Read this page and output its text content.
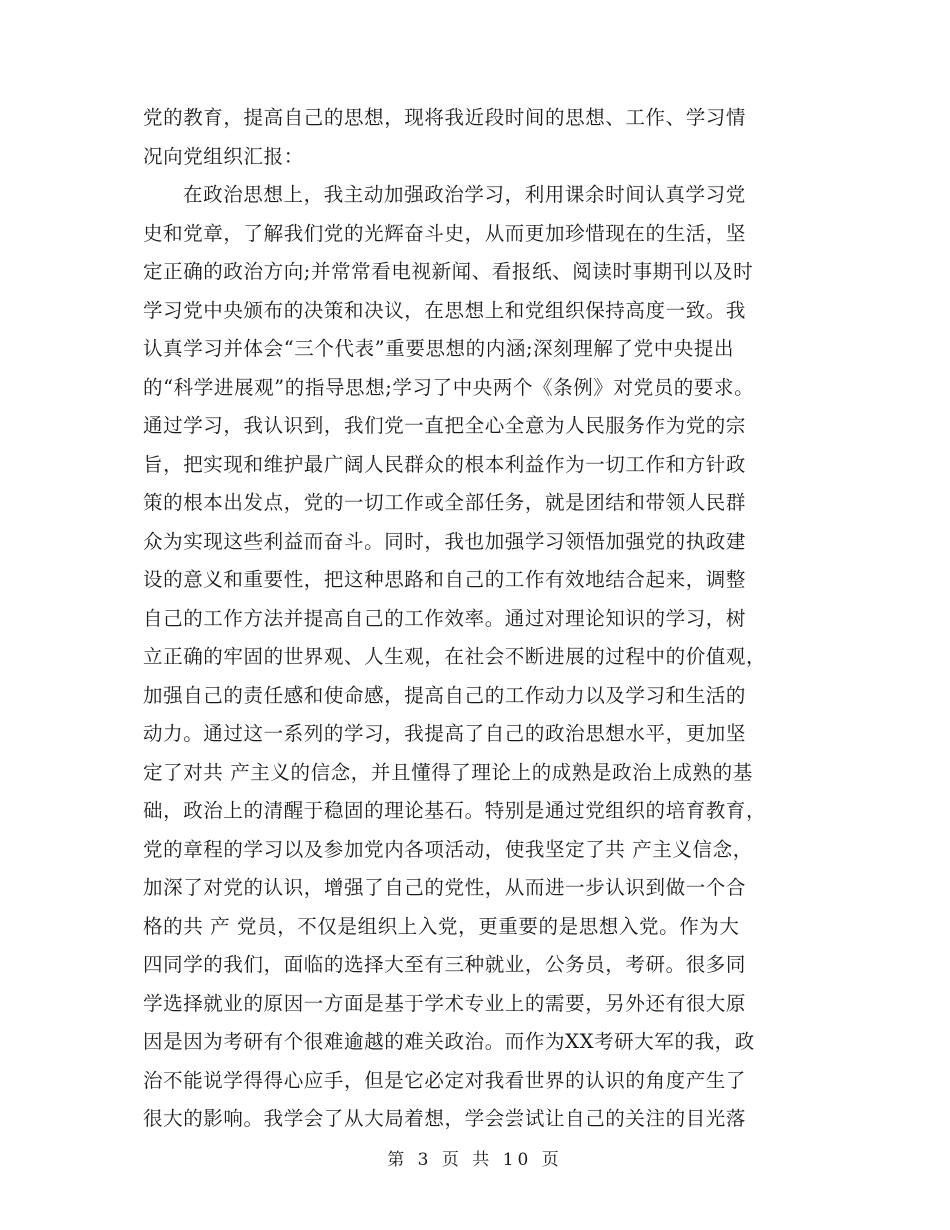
党的教育，提高自己的思想，现将我近段时间的思想、工作、学习情
况向党组织汇报：
在政治思想上，我主动加强政治学习，利用课余时间认真学习党
史和党章，了解我们党的光辉奋斗史，从而更加珍惜现在的生活，坚
定正确的政治方向;并常常看电视新闻、看报纸、阅读时事期刊以及时
学习党中央颁布的决策和决议，在思想上和党组织保持高度一致。我
认真学习并体会“三个代表”重要思想的内涵;深刻理解了党中央提出
的“科学进展观”的指导思想;学习了中央两个《条例》对党员的要求。
通过学习，我认识到，我们党一直把全心全意为人民服务作为党的宗
旨，把实现和维护最广阔人民群众的根本利益作为一切工作和方针政
策的根本出发点，党的一切工作或全部任务，就是团结和带领人民群
众为实现这些利益而奋斗。同时，我也加强学习领悟加强党的执政建
设的意义和重要性，把这种思路和自己的工作有效地结合起来，调整
自己的工作方法并提高自己的工作效率。通过对理论知识的学习，树
立正确的牢固的世界观、人生观，在社会不断进展的过程中的价值观，
加强自己的责任感和使命感，提高自己的工作动力以及学习和生活的
动力。通过这一系列的学习，我提高了自己的政治思想水平，更加坚
定了对共 产主义的信念，并且懂得了理论上的成熟是政治上成熟的基
础，政治上的清醒于稳固的理论基石。特别是通过党组织的培育教育，
党的章程的学习以及参加党内各项活动，使我坚定了共 产主义信念，
加深了对党的认识，增强了自己的党性，从而进一步认识到做一个合
格的共 产 党员，不仅是组织上入党，更重要的是思想入党。作为大
四同学的我们，面临的选择大至有三种就业，公务员，考研。很多同
学选择就业的原因一方面是基于学术专业上的需要，另外还有很大原
因是因为考研有个很难逾越的难关政治。而作为XX考研大军的我，政
治不能说学得得心应手，但是它必定对我看世界的认识的角度产生了
很大的影响。我学会了从大局着想，学会尝试让自己的关注的目光落
第 3 页 共 10 页
